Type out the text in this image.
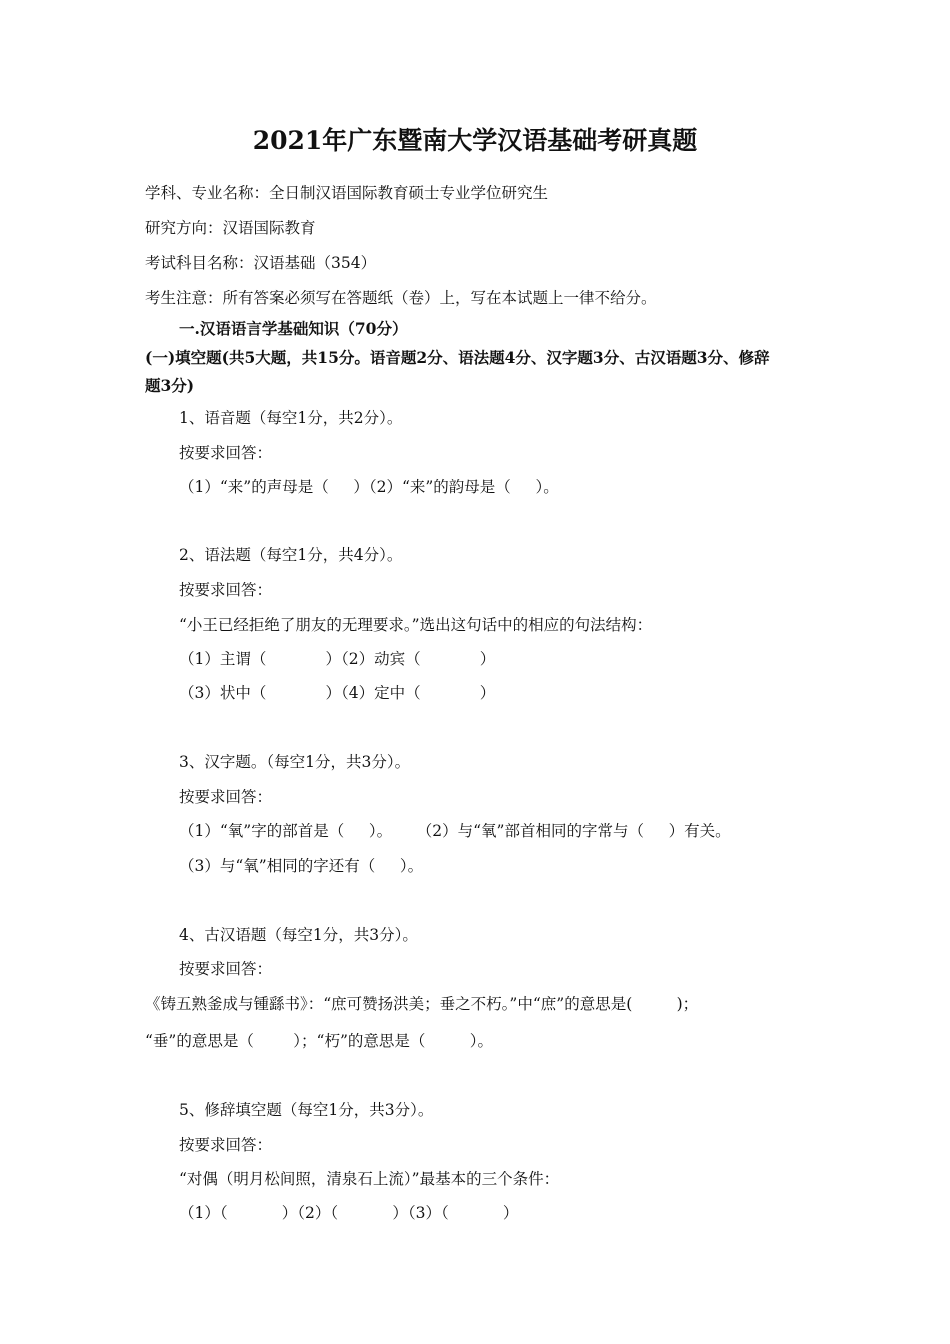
2021年广东暨南大学汉语基础考研真题
学科、专业名称：全日制汉语国际教育硕士专业学位研究生
研究方向：汉语国际教育
考试科目名称：汉语基础（354）
考生注意：所有答案必须写在答题纸（卷）上，写在本试题上一律不给分。
一.汉语语言学基础知识（70分）
(一)填空题(共5大题，共15分。语音题2分、语法题4分、汉字题3分、古汉语题3分、修辞
题3分)
1、语音题（每空1分，共2分）。
按要求回答：
（1）“来”的声母是（     ）（2）“来”的韵母是（     ）。
2、语法题（每空1分，共4分）。
按要求回答：
“小王已经拒绝了朋友的无理要求。”选出这句话中的相应的句法结构：
（1）主谓（            ）（2）动宾（            ）
（3）状中（            ）（4）定中（            ）
3、汉字题。（每空1分，共3分）。
按要求回答：
（1）“氧”字的部首是（     ）。     （2）与“氧”部首相同的字常与（     ）有关。
（3）与“氧”相同的字还有（     ）。
4、古汉语题（每空1分，共3分）。
按要求回答：
《铸五熟釜成与锺繇书》：“庶可赞扬洪美；垂之不朽。”中“庶”的意思是(         )；
“垂”的意思是（        ）；“朽”的意思是（         ）。
5、修辞填空题（每空1分，共3分）。
按要求回答：
“对偶（明月松间照，清泉石上流）”最基本的三个条件：
（1）（           ）（2）（           ）（3）（           ）
